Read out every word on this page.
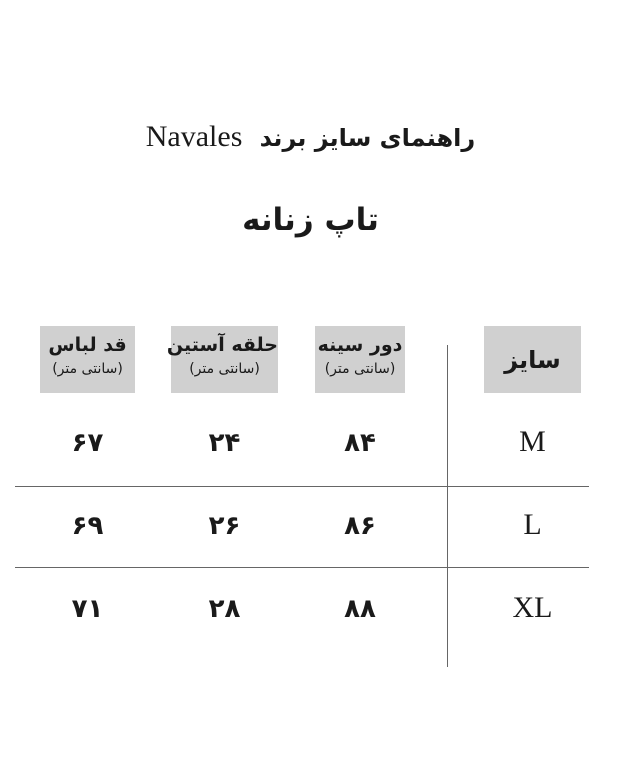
Navales راهنمای سایز برند
تاپ زنانه
قد لباس
(سانتی متر)
حلقه آستین
(سانتی متر)
دور سینه
(سانتی متر)	سایز
M
۸۴
۲۴
۶۷
L
۸۶
۲۶
۶۹
XL
۸۸
۲۸
۷۱
